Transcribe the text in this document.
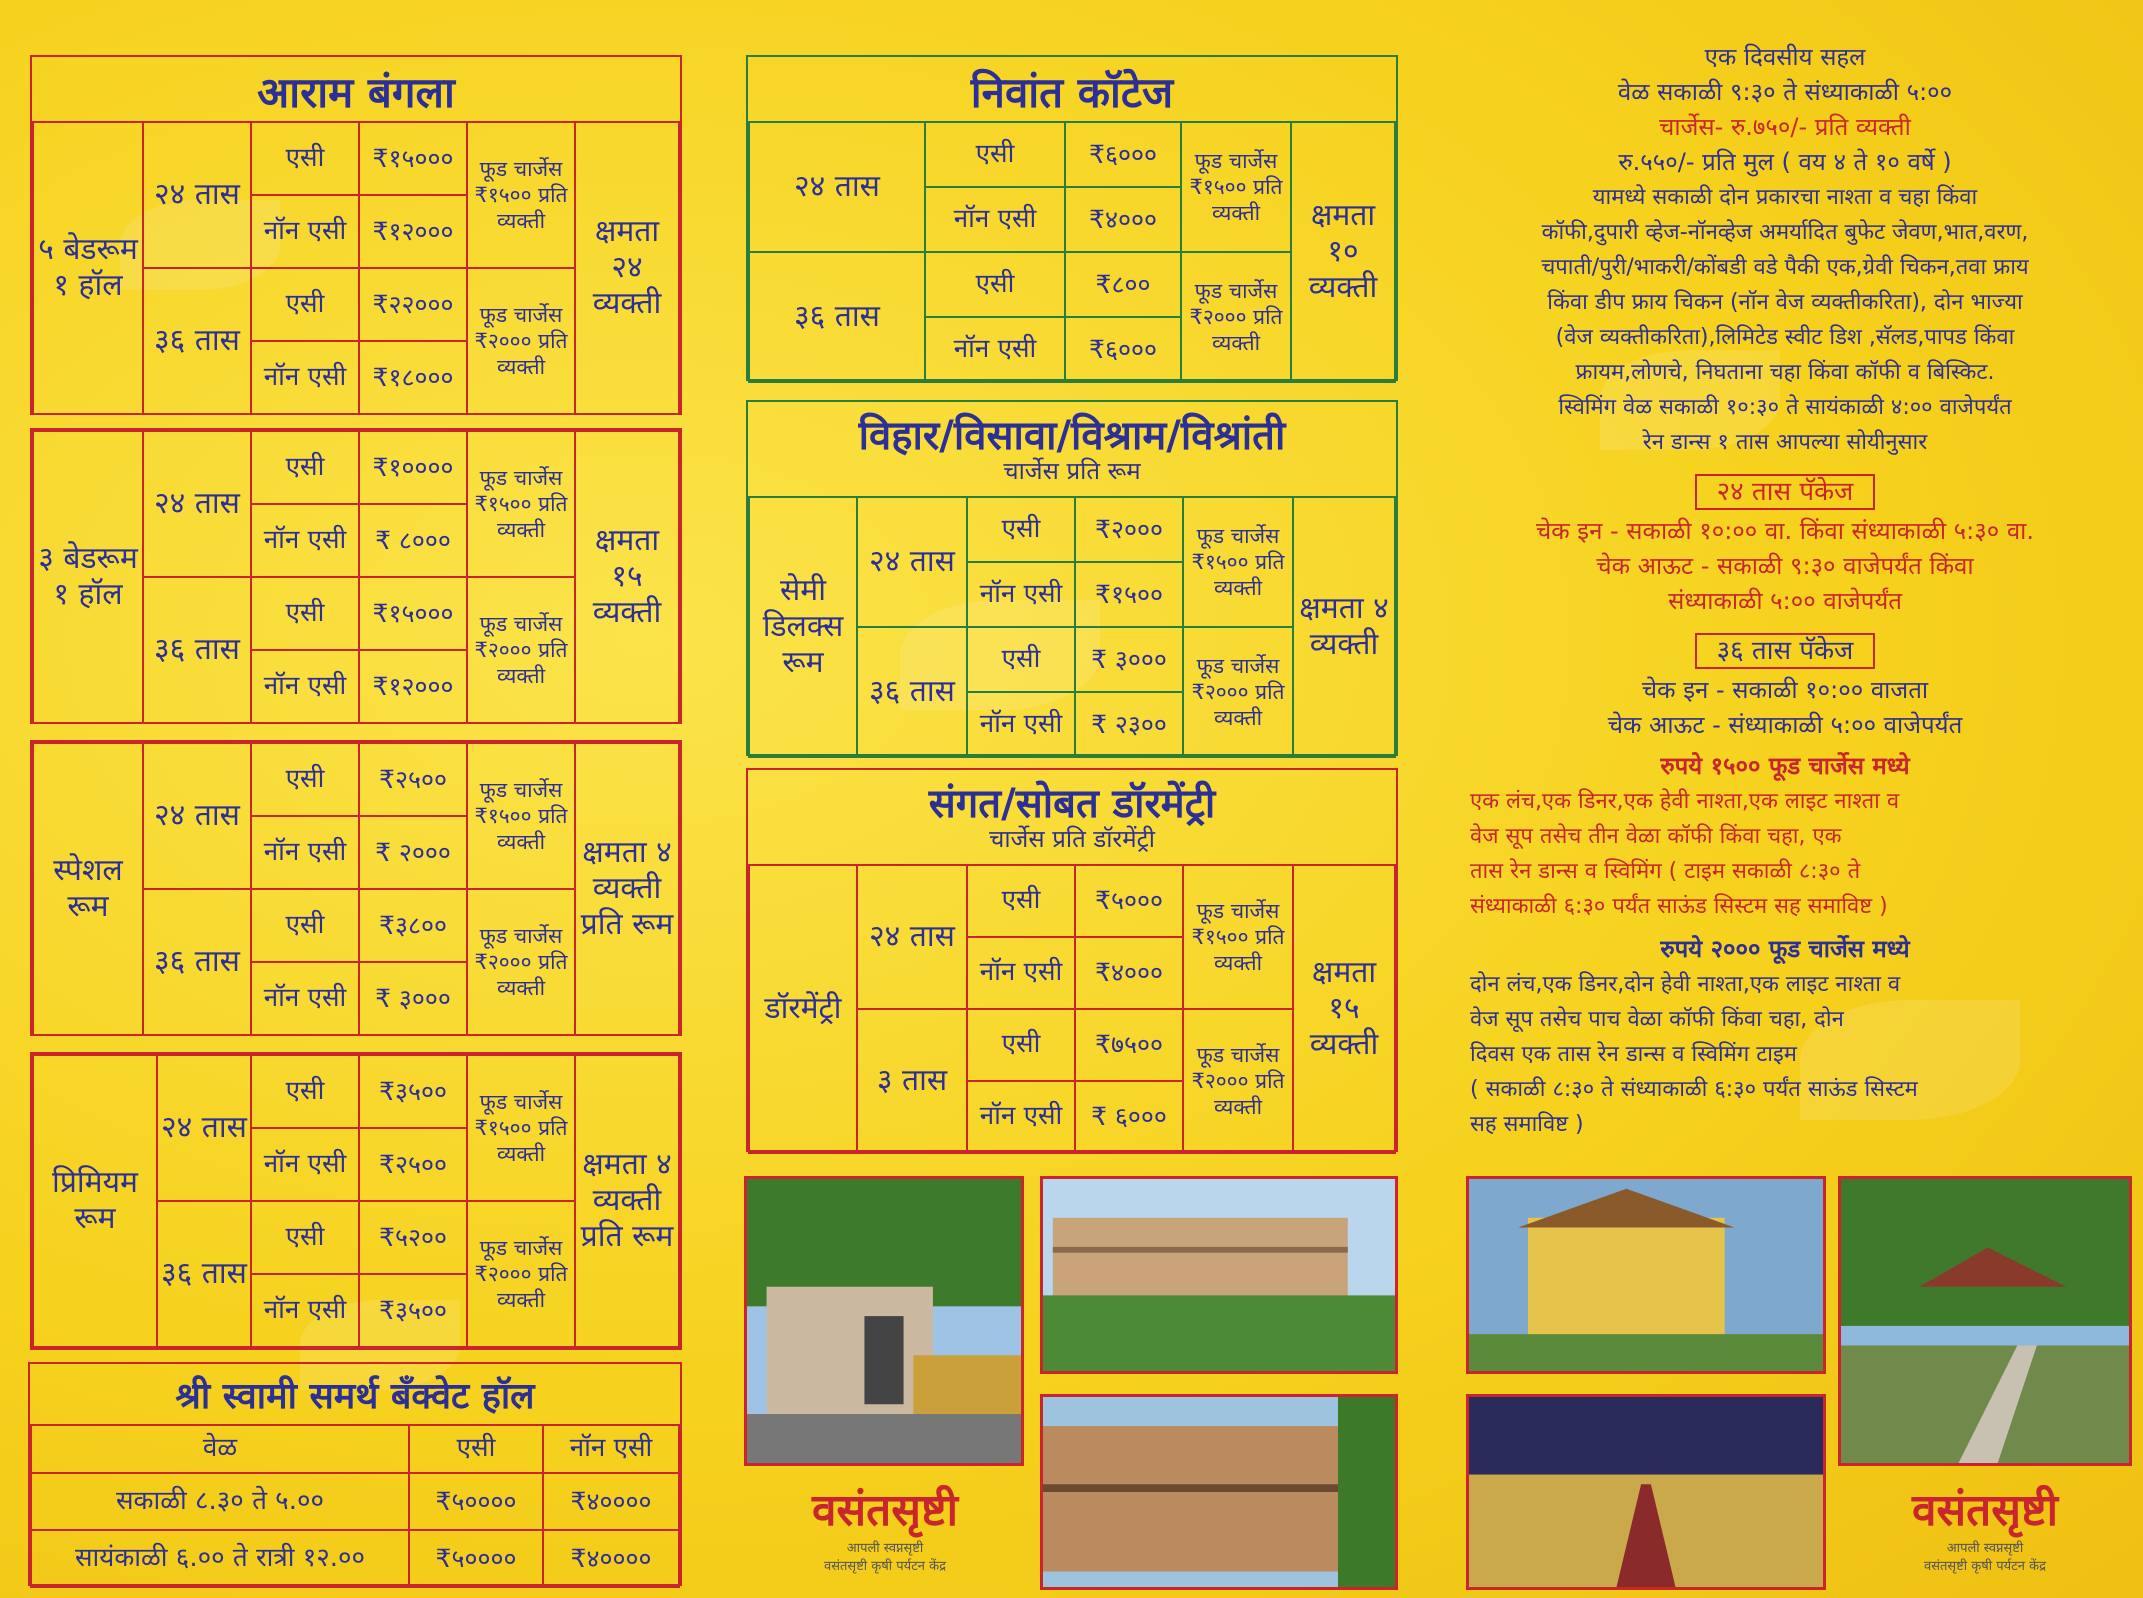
आराम बंगला
५ बेडरूम १ हॉल	२४ तास	एसी	₹१५०००	फूड चार्जेस ₹१५०० प्रति व्यक्ती	क्षमता २४ व्यक्ती
		नॉन एसी	₹१२०००		
	३६ तास	एसी	₹२२०००	फूड चार्जेस ₹२००० प्रति व्यक्ती	
		नॉन एसी	₹१८०००		
३ बेडरूम १ हॉल	२४ तास	एसी	₹१००००	फूड चार्जेस ₹१५०० प्रति व्यक्ती	क्षमता १५ व्यक्ती
		नॉन एसी	₹ ८०००		
	३६ तास	एसी	₹१५०००	फूड चार्जेस ₹२००० प्रति व्यक्ती	
		नॉन एसी	₹१२०००		
स्पेशल रूम	२४ तास	एसी	₹२५००	फूड चार्जेस ₹१५०० प्रति व्यक्ती	क्षमता ४ व्यक्ती प्रति रूम
		नॉन एसी	₹ २०००		
	३६ तास	एसी	₹३८००	फूड चार्जेस ₹२००० प्रति व्यक्ती	
		नॉन एसी	₹ ३०००		
प्रिमियम रूम	२४ तास	एसी	₹३५००	फूड चार्जेस ₹१५०० प्रति व्यक्ती	क्षमता ४ व्यक्ती प्रति रूम
		नॉन एसी	₹२५००		
	३६ तास	एसी	₹५२००	फूड चार्जेस ₹२००० प्रति व्यक्ती	
		नॉन एसी	₹३५००		
श्री स्वामी समर्थ बँक्वेट हॉल
वेळ	एसी	नॉन एसी
सकाळी ८.३० ते ५.००	₹५००००	₹४००००
सायंकाळी ६.०० ते रात्री १२.००	₹५००००	₹४००००
निवांत कॉटेज
२४ तास	एसी	₹६०००	फूड चार्जेस ₹१५०० प्रति व्यक्ती	क्षमता १० व्यक्ती
	नॉन एसी	₹४०००		
३६ तास	एसी	₹८००	फूड चार्जेस ₹२००० प्रति व्यक्ती	
	नॉन एसी	₹६०००		
विहार/विसावा/विश्राम/विश्रांती
चार्जेस प्रति रूम
सेमी डिलक्स रूम	२४ तास	एसी	₹२०००	फूड चार्जेस ₹१५०० प्रति व्यक्ती	क्षमता ४ व्यक्ती
		नॉन एसी	₹१५००		
	३६ तास	एसी	₹ ३०००	फूड चार्जेस ₹२००० प्रति व्यक्ती	
		नॉन एसी	₹ २३००		
संगत/सोबत डॉरमेंट्री
चार्जेस प्रति डॉरमेंट्री
डॉरमेंट्री	२४ तास	एसी	₹५०००	फूड चार्जेस ₹१५०० प्रति व्यक्ती	क्षमता १५ व्यक्ती
		नॉन एसी	₹४०००		
	३ तास	एसी	₹७५००	फूड चार्जेस ₹२००० प्रति व्यक्ती	
		नॉन एसी	₹ ६०००		
वसंतसृष्टी
आपली स्वप्नसृष्टी
वसंतसृष्टी कृषी पर्यटन केंद्र
वसंतसृष्टी
आपली स्वप्नसृष्टी
वसंतसृष्टी कृषी पर्यटन केंद्र
एक दिवसीय सहल
वेळ सकाळी ९:३० ते संध्याकाळी ५:००
चार्जेस- रु.७५०/- प्रति व्यक्ती
रु.५५०/- प्रति मुल ( वय ४ ते १० वर्षे )
यामध्ये सकाळी दोन प्रकारचा नाश्ता व चहा किंवा
कॉफी,दुपारी व्हेज-नॉनव्हेज अमर्यादित बुफेट जेवण,भात,वरण,
चपाती/पुरी/भाकरी/कोंबडी वडे पैकी एक,ग्रेवी चिकन,तवा फ्राय
किंवा डीप फ्राय चिकन (नॉन वेज व्यक्तीकरिता), दोन भाज्या
(वेज व्यक्तीकरिता),लिमिटेड स्वीट डिश ,सॅलड,पापड किंवा
फ्रायम,लोणचे, निघताना चहा किंवा कॉफी व बिस्किट.
स्विमिंग वेळ सकाळी १०:३० ते सायंकाळी ४:०० वाजेपर्यंत
रेन डान्स १ तास आपल्या सोयीनुसार
२४ तास पॅकेज
चेक इन - सकाळी १०:०० वा. किंवा संध्याकाळी ५:३० वा.
चेक आऊट - सकाळी ९:३० वाजेपर्यंत किंवा
संध्याकाळी ५:०० वाजेपर्यंत
३६ तास पॅकेज
चेक इन - सकाळी १०:०० वाजता
चेक आऊट - संध्याकाळी ५:०० वाजेपर्यंत
रुपये १५०० फूड चार्जेस मध्ये
एक लंच,एक डिनर,एक हेवी नाश्ता,एक लाइट नाश्ता व
वेज सूप तसेच तीन वेळा कॉफी किंवा चहा, एक
तास रेन डान्स व स्विमिंग ( टाइम सकाळी ८:३० ते
संध्याकाळी ६:३० पर्यंत साऊंड सिस्टम सह समाविष्ट )
रुपये २००० फूड चार्जेस मध्ये
दोन लंच,एक डिनर,दोन हेवी नाश्ता,एक लाइट नाश्ता व
वेज सूप तसेच पाच वेळा कॉफी किंवा चहा, दोन
दिवस एक तास रेन डान्स व स्विमिंग टाइम
( सकाळी ८:३० ते संध्याकाळी ६:३० पर्यंत साऊंड सिस्टम
सह समाविष्ट )
